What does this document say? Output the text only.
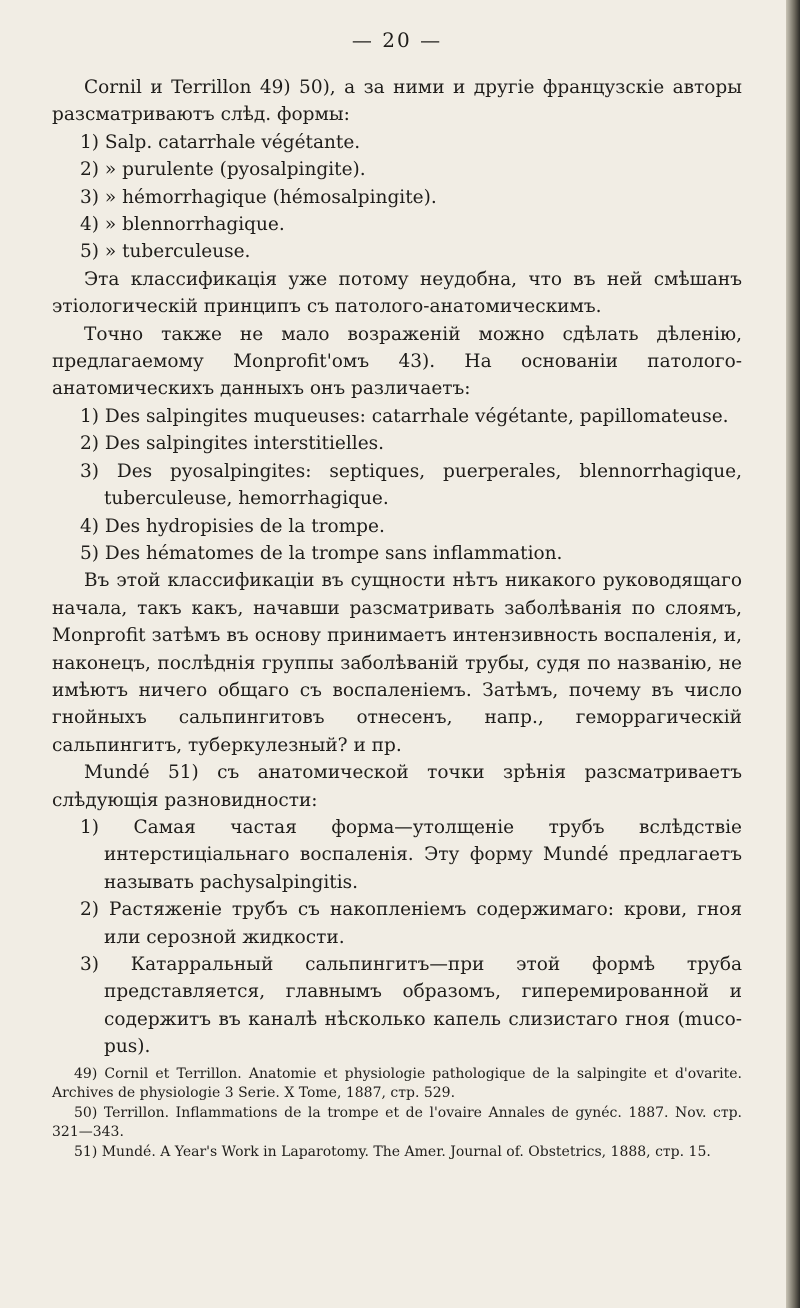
— 20 —

Cornil и Terrillon 49) 50), а за ними и другіе французскіе авторы разсматриваютъ слѣд. формы:

1) Salp. catarrhale végétante.

2) » purulente (pyosalpingite).

3) » hémorrhagique (hémosalpingite).

4) » blennorrhagique.

5) » tuberculeuse.

Эта классификація уже потому неудобна, что въ ней смѣшанъ этіологическій принципъ съ патолого-анатомическимъ.

Точно также не мало возраженій можно сдѣлать дѣленію, предлагаемому Monprofit'омъ 43). На основаніи патолого-анатомическихъ данныхъ онъ различаетъ:

1) Des salpingites muqueuses: catarrhale végétante, papillomateuse.

2) Des salpingites interstitielles.

3) Des pyosalpingites: septiques, puerperales, blennorrhagique, tuberculeuse, hemorrhagique.

4) Des hydropisies de la trompe.

5) Des hématomes de la trompe sans inflammation.

Въ этой классификаціи въ сущности нѣтъ никакого руководящаго начала, такъ какъ, начавши разсматривать заболѣванія по слоямъ, Monprofit затѣмъ въ основу принимаетъ интензивность воспаленія, и, наконецъ, послѣднія группы заболѣваній трубы, судя по названію, не имѣютъ ничего общаго съ воспаленіемъ. Затѣмъ, почему въ число гнойныхъ сальпингитовъ отнесенъ, напр., геморрагическій сальпингитъ, туберкулезный? и пр.

Mundé 51) съ анатомической точки зрѣнія разсматриваетъ слѣдующія разновидности:

1) Самая частая форма—утолщеніе трубъ вслѣдствіе интерстиціальнаго воспаленія. Эту форму Mundé предлагаетъ называть pachysalpingitis.

2) Растяженіе трубъ съ накопленіемъ содержимаго: крови, гноя или серозной жидкости.

3) Катарральный сальпингитъ—при этой формѣ труба представляется, главнымъ образомъ, гиперемированной и содержитъ въ каналѣ нѣсколько капель слизистаго гноя (muco-pus).

49) Cornil et Terrillon. Anatomie et physiologie pathologique de la salpingite et d'ovarite. Archives de physiologie 3 Serie. X Tome, 1887, стр. 529.

50) Terrillon. Inflammations de la trompe et de l'ovaire Annales de gynéc. 1887. Nov. стр. 321—343.

51) Mundé. A Year's Work in Laparotomy. The Amer. Journal of. Obstetrics, 1888, стр. 15.
